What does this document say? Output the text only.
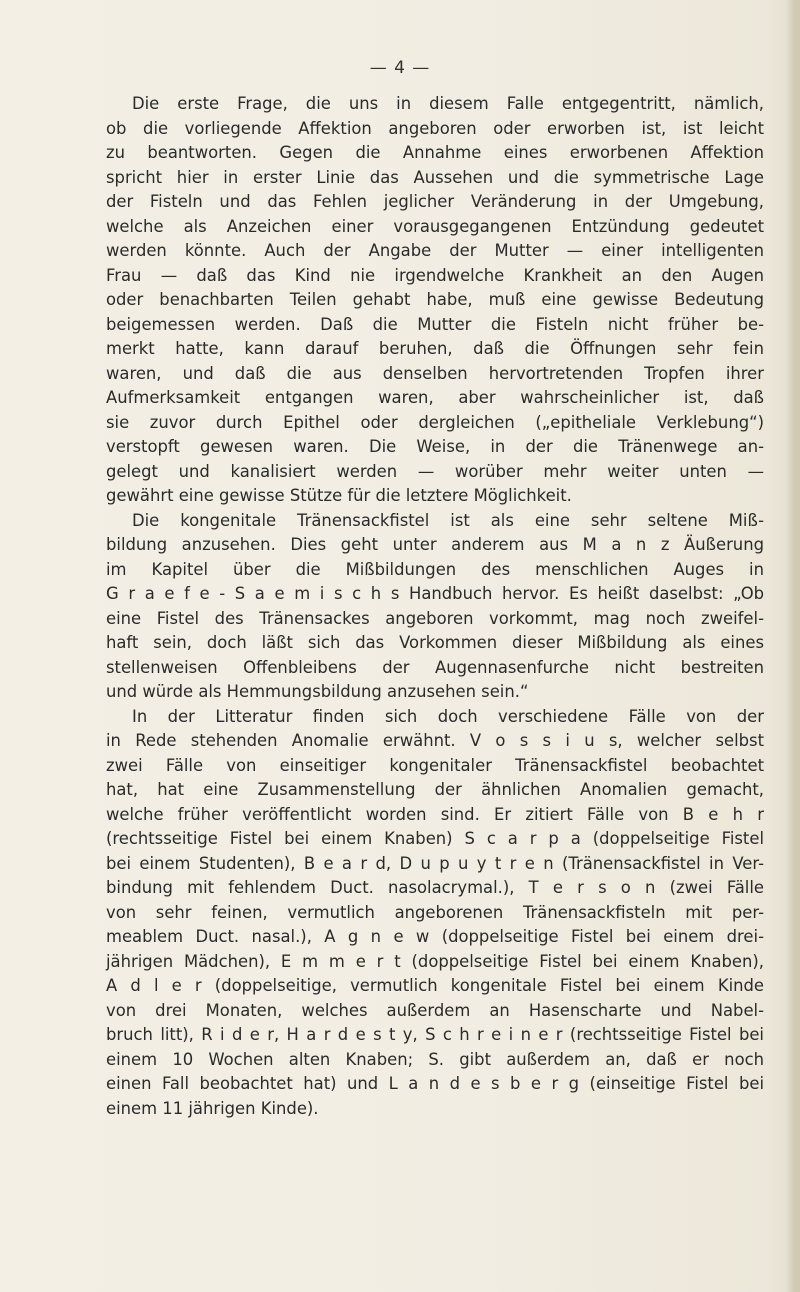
— 4 —
Die erste Frage, die uns in diesem Falle entgegentritt, nämlich,
ob die vorliegende Affektion angeboren oder erworben ist, ist leicht
zu beantworten. Gegen die Annahme eines erworbenen Affektion
spricht hier in erster Linie das Aussehen und die symmetrische Lage
der Fisteln und das Fehlen jeglicher Veränderung in der Umgebung,
welche als Anzeichen einer vorausgegangenen Entzündung gedeutet
werden könnte. Auch der Angabe der Mutter — einer intelligenten
Frau — daß das Kind nie irgendwelche Krankheit an den Augen
oder benachbarten Teilen gehabt habe, muß eine gewisse Bedeutung
beigemessen werden. Daß die Mutter die Fisteln nicht früher be-
merkt hatte, kann darauf beruhen, daß die Öffnungen sehr fein
waren, und daß die aus denselben hervortretenden Tropfen ihrer
Aufmerksamkeit entgangen waren, aber wahrscheinlicher ist, daß
sie zuvor durch Epithel oder dergleichen („epitheliale Verklebung“)
verstopft gewesen waren. Die Weise, in der die Tränenwege an-
gelegt und kanalisiert werden — worüber mehr weiter unten —
gewährt eine gewisse Stütze für die letztere Möglichkeit.
Die kongenitale Tränensackfistel ist als eine sehr seltene Miß-
bildung anzusehen. Dies geht unter anderem aus M a n z Äußerung
im Kapitel über die Mißbildungen des menschlichen Auges in
G r a e f e - S a e m i s c h s Handbuch hervor. Es heißt daselbst: „Ob
eine Fistel des Tränensackes angeboren vorkommt, mag noch zweifel-
haft sein, doch läßt sich das Vorkommen dieser Mißbildung als eines
stellenweisen Offenbleibens der Augennasenfurche nicht bestreiten
und würde als Hemmungsbildung anzusehen sein.“
In der Litteratur finden sich doch verschiedene Fälle von der
in Rede stehenden Anomalie erwähnt. V o s s i u s, welcher selbst
zwei Fälle von einseitiger kongenitaler Tränensackfistel beobachtet
hat, hat eine Zusammenstellung der ähnlichen Anomalien gemacht,
welche früher veröffentlicht worden sind. Er zitiert Fälle von B e h r
(rechtsseitige Fistel bei einem Knaben) S c a r p a (doppelseitige Fistel
bei einem Studenten), B e a r d, D u p u y t r e n (Tränensackfistel in Ver-
bindung mit fehlendem Duct. nasolacrymal.), T e r s o n (zwei Fälle
von sehr feinen, vermutlich angeborenen Tränensackfisteln mit per-
meablem Duct. nasal.), A g n e w (doppelseitige Fistel bei einem drei-
jährigen Mädchen), E m m e r t (doppelseitige Fistel bei einem Knaben),
A d l e r (doppelseitige, vermutlich kongenitale Fistel bei einem Kinde
von drei Monaten, welches außerdem an Hasenscharte und Nabel-
bruch litt), R i d e r, H a r d e s t y, S c h r e i n e r (rechtsseitige Fistel bei
einem 10 Wochen alten Knaben; S. gibt außerdem an, daß er noch
einen Fall beobachtet hat) und L a n d e s b e r g (einseitige Fistel bei
einem 11 jährigen Kinde).
